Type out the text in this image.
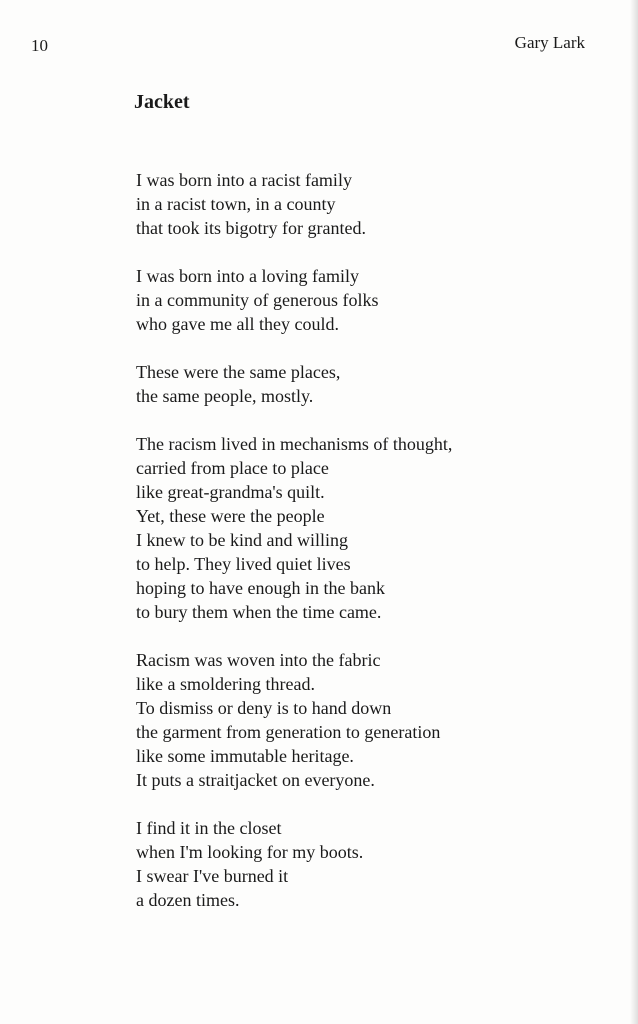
10	Gary Lark

Jacket
I was born into a racist family
in a racist town, in a county
that took its bigotry for granted.
I was born into a loving family
in a community of generous folks
who gave me all they could.
These were the same places,
the same people, mostly.
The racism lived in mechanisms of thought,
carried from place to place
like great-grandma's quilt.
Yet, these were the people
I knew to be kind and willing
to help. They lived quiet lives
hoping to have enough in the bank
to bury them when the time came.
Racism was woven into the fabric
like a smoldering thread.
To dismiss or deny is to hand down
the garment from generation to generation
like some immutable heritage.
It puts a straitjacket on everyone.
I find it in the closet
when I'm looking for my boots.
I swear I've burned it
a dozen times.
